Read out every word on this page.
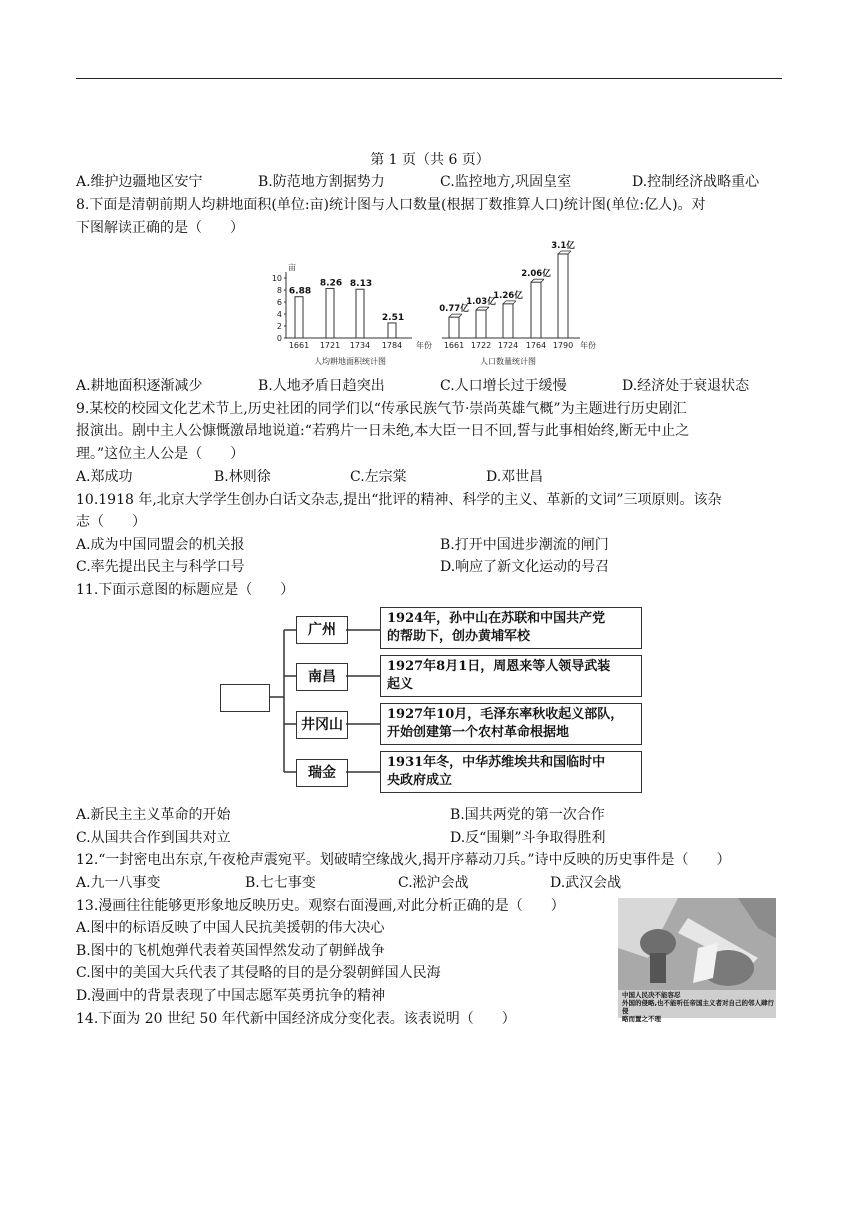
第 1 页（共 6 页）
A.维护边疆地区安宁	B.防范地方割据势力	C.监控地方,巩固皇室	D.控制经济战略重心
8.下面是清朝前期人均耕地面积(单位:亩)统计图与人口数量(根据丁数推算人口)统计图(单位:亿人)。对
下图解读正确的是（　　）
亩
0
2
4
6
8
10
6.88
1661
8.26
1721
8.13
1734
2.51
1784 年份
人均耕地面积统计图
0.77亿
1661
1.03亿
1722
1.26亿
1724
2.06亿
1764
3.1亿
1790 年份
人口数量统计图
A.耕地面积逐渐减少	B.人地矛盾日趋突出	C.人口增长过于缓慢	D.经济处于衰退状态
9.某校的校园文化艺术节上,历史社团的同学们以“传承民族气节·崇尚英雄气概”为主题进行历史剧汇
报演出。剧中主人公慷慨激昂地说道:“若鸦片一日未绝,本大臣一日不回,誓与此事相始终,断无中止之
理。”这位主人公是（　　）
A.郑成功	B.林则徐	C.左宗棠	D.邓世昌
10.1918 年,北京大学学生创办白话文杂志,提出“批评的精神、科学的主义、革新的文词”三项原则。该杂
志（　　）
A.成为中国同盟会的机关报	B.打开中国进步潮流的闸门
C.率先提出民主与科学口号	D.响应了新文化运动的号召
11.下面示意图的标题应是（　　）
广州
南昌
井冈山
瑞金
1924年，孙中山在苏联和中国共产党
的帮助下，创办黄埔军校
1927年8月1日，周恩来等人领导武装
起义
1927年10月，毛泽东率秋收起义部队，
开始创建第一个农村革命根据地
1931年冬，中华苏维埃共和国临时中
央政府成立
A.新民主主义革命的开始	B.国共两党的第一次合作
C.从国共合作到国共对立	D.反“围剿”斗争取得胜利
12.“一封密电出东京,午夜枪声震宛平。划破晴空缘战火,揭开序幕动刀兵。”诗中反映的历史事件是（　　）
A.九一八事变	B.七七事变	C.淞沪会战	D.武汉会战
13.漫画往往能够更形象地反映历史。观察右面漫画,对此分析正确的是（　　）
A.图中的标语反映了中国人民抗美援朝的伟大决心
B.图中的飞机炮弹代表着英国悍然发动了朝鲜战争
C.图中的美国大兵代表了其侵略的目的是分裂朝鲜国人民海
D.漫画中的背景表现了中国志愿军英勇抗争的精神	中国人民决不能容忍
外国的侵略,也不能听任帝国主义者对自己的邻人肆行侵
略而置之不理
14.下面为 20 世纪 50 年代新中国经济成分变化表。该表说明（　　）
